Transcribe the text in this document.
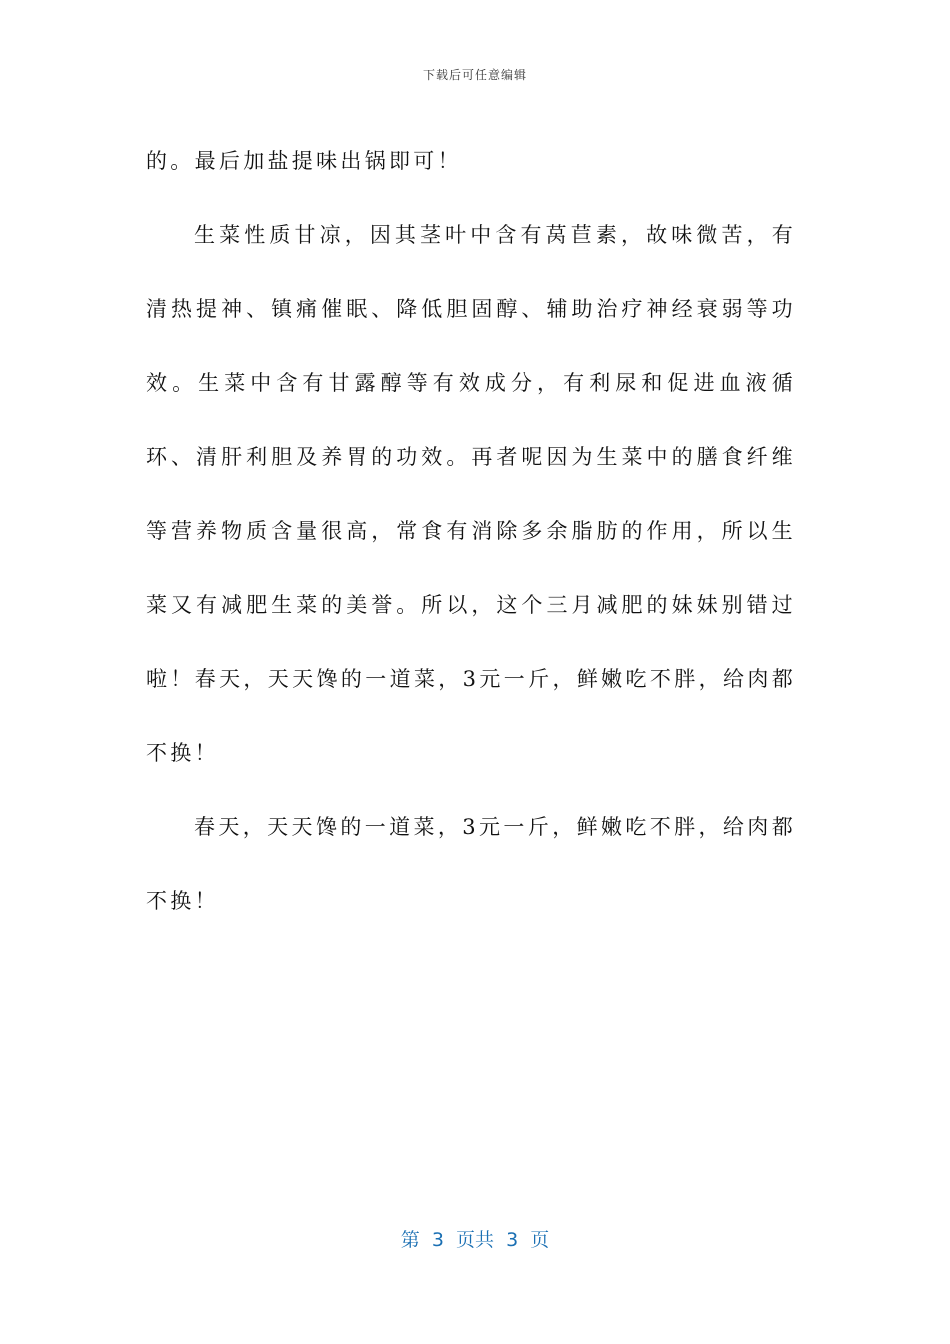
下载后可任意编辑

的。最后加盐提味出锅即可！

生菜性质甘凉，因其茎叶中含有莴苣素，故味微苦，有清热提神、镇痛催眠、降低胆固醇、辅助治疗神经衰弱等功效。生菜中含有甘露醇等有效成分，有利尿和促进血液循环、清肝利胆及养胃的功效。再者呢因为生菜中的膳食纤维等营养物质含量很高，常食有消除多余脂肪的作用，所以生菜又有减肥生菜的美誉。所以，这个三月减肥的妹妹别错过啦！春天，天天馋的一道菜，3元一斤，鲜嫩吃不胖，给肉都不换！

春天，天天馋的一道菜，3元一斤，鲜嫩吃不胖，给肉都不换！

第  3  页共  3  页
